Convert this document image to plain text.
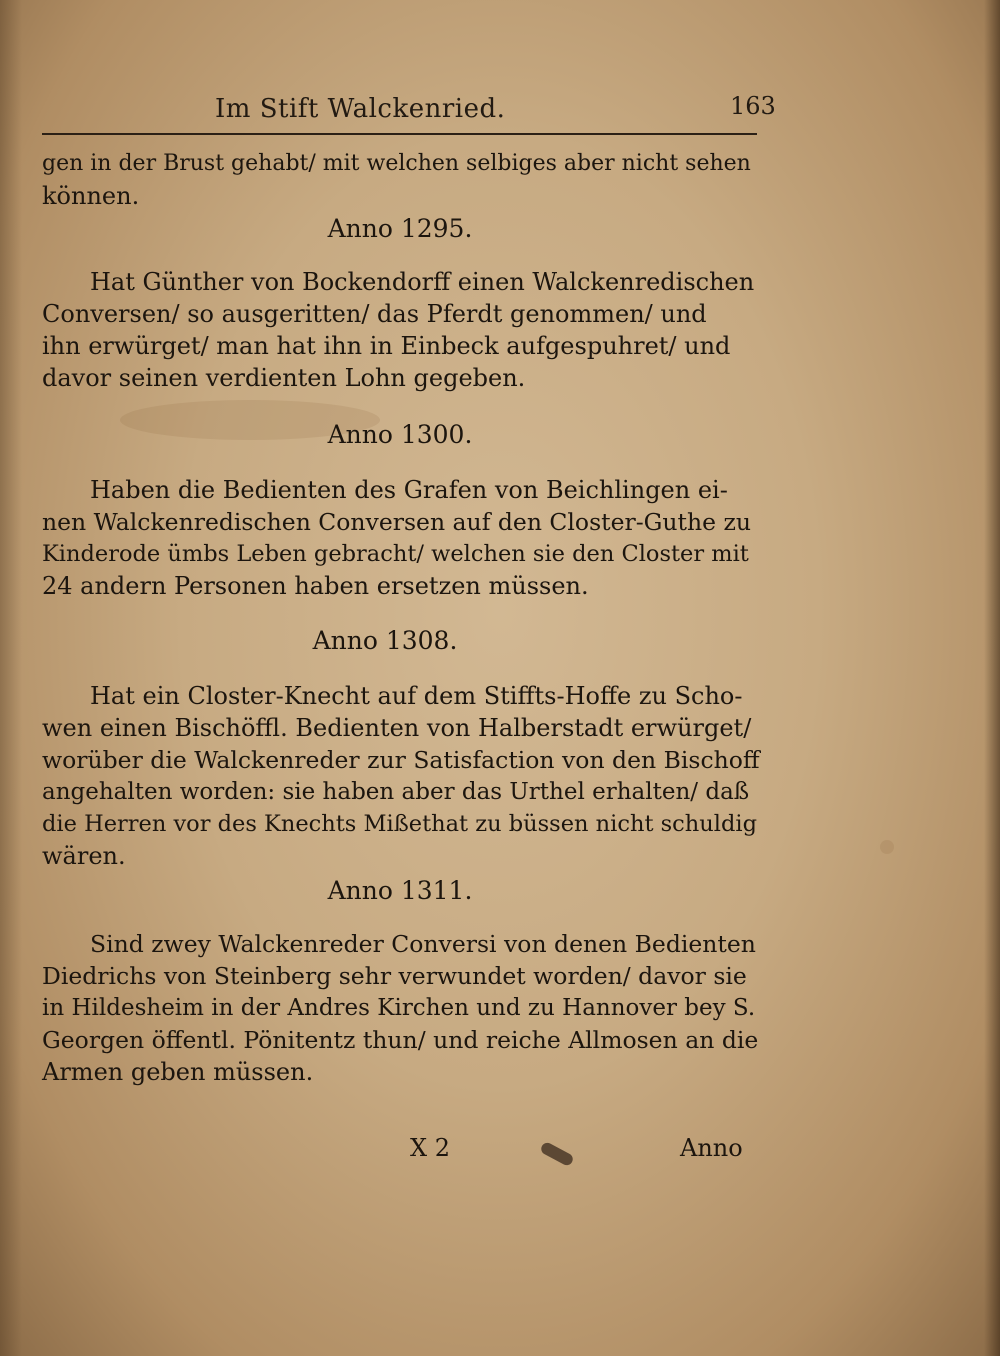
Im Stift Walckenried.	163
gen in der Brust gehabt/ mit welchen selbiges aber nicht sehen
können.
Anno 1295.
Hat Günther von Bockendorff einen Walckenredischen
Conversen/ so ausgeritten/ das Pferdt genommen/ und
ihn erwürget/ man hat ihn in Einbeck aufgespuhret/ und
davor seinen verdienten Lohn gegeben.
Anno 1300.
Haben die Bedienten des Grafen von Beichlingen ei-
nen Walckenredischen Conversen auf den Closter-Guthe zu
Kinderode ümbs Leben gebracht/ welchen sie den Closter mit
24 andern Personen haben ersetzen müssen.
Anno 1308.
Hat ein Closter-Knecht auf dem Stiffts-Hoffe zu Scho-
wen einen Bischöffl. Bedienten von Halberstadt erwürget/
worüber die Walckenreder zur Satisfaction von den Bischoff
angehalten worden: sie haben aber das Urthel erhalten/ daß
die Herren vor des Knechts Mißethat zu büssen nicht schuldig
wären.
Anno 1311.
Sind zwey Walckenreder Conversi von denen Bedienten
Diedrichs von Steinberg sehr verwundet worden/ davor sie
in Hildesheim in der Andres Kirchen und zu Hannover bey S.
Georgen öffentl. Pönitentz thun/ und reiche Allmosen an die
Armen geben müssen.
X 2	Anno
